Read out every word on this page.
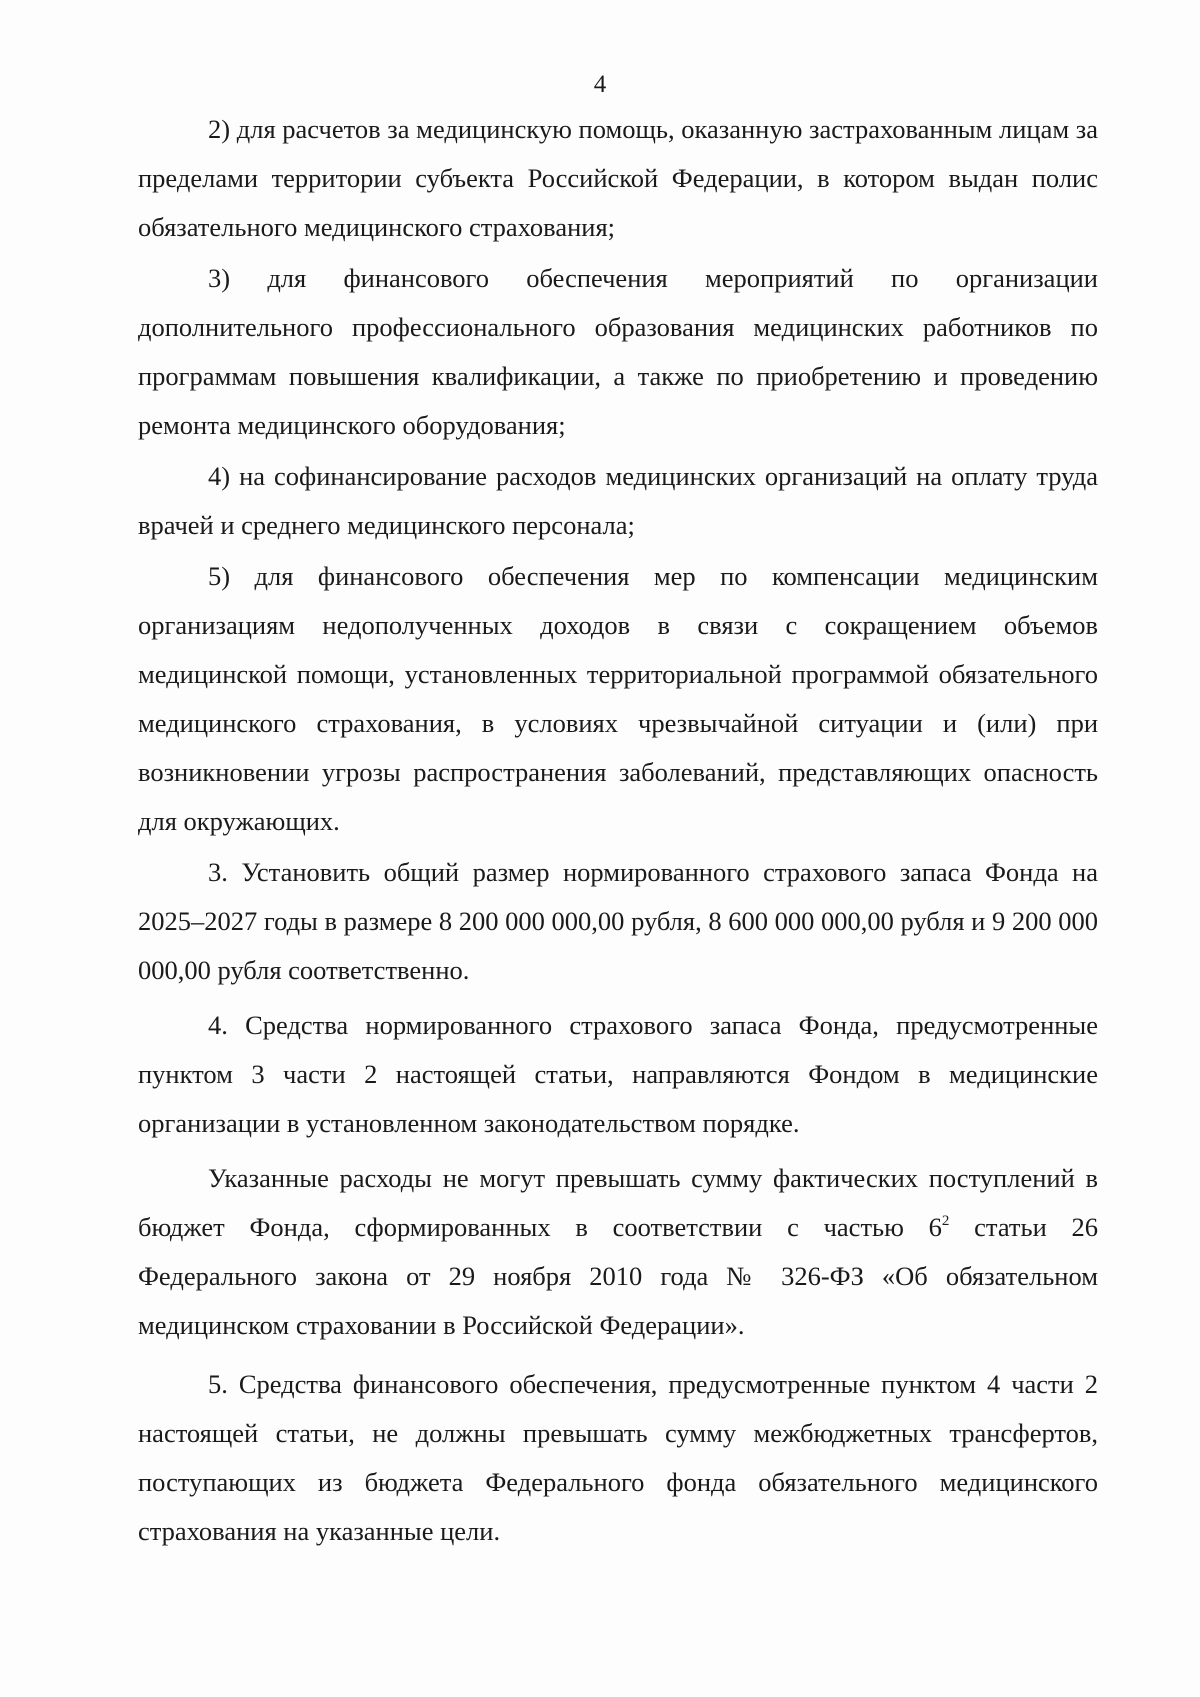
4

2) для расчетов за медицинскую помощь, оказанную застрахованным лицам за пределами территории субъекта Российской Федерации, в котором выдан полис обязательного медицинского страхования;

3) для финансового обеспечения мероприятий по организации дополнительного профессионального образования медицинских работников по программам повышения квалификации, а также по приобретению и проведению ремонта медицинского оборудования;

4) на софинансирование расходов медицинских организаций на оплату труда врачей и среднего медицинского персонала;

5) для финансового обеспечения мер по компенсации медицинским организациям недополученных доходов в связи с сокращением объемов медицинской помощи, установленных территориальной программой обязательного медицинского страхования, в условиях чрезвычайной ситуации и (или) при возникновении угрозы распространения заболеваний, представляющих опасность для окружающих.

3. Установить общий размер нормированного страхового запаса Фонда на 2025–2027 годы в размере 8 200 000 000,00 рубля, 8 600 000 000,00 рубля и 9 200 000 000,00 рубля соответственно.

4. Средства нормированного страхового запаса Фонда, предусмотренные пунктом 3 части 2 настоящей статьи, направляются Фондом в медицинские организации в установленном законодательством порядке.

Указанные расходы не могут превышать сумму фактических поступлений в бюджет Фонда, сформированных в соответствии с частью $6^2$ статьи 26 Федерального закона от 29 ноября 2010 года № 326-ФЗ «Об обязательном медицинском страховании в Российской Федерации».

5. Средства финансового обеспечения, предусмотренные пунктом 4 части 2 настоящей статьи, не должны превышать сумму межбюджетных трансфертов, поступающих из бюджета Федерального фонда обязательного медицинского страхования на указанные цели.
